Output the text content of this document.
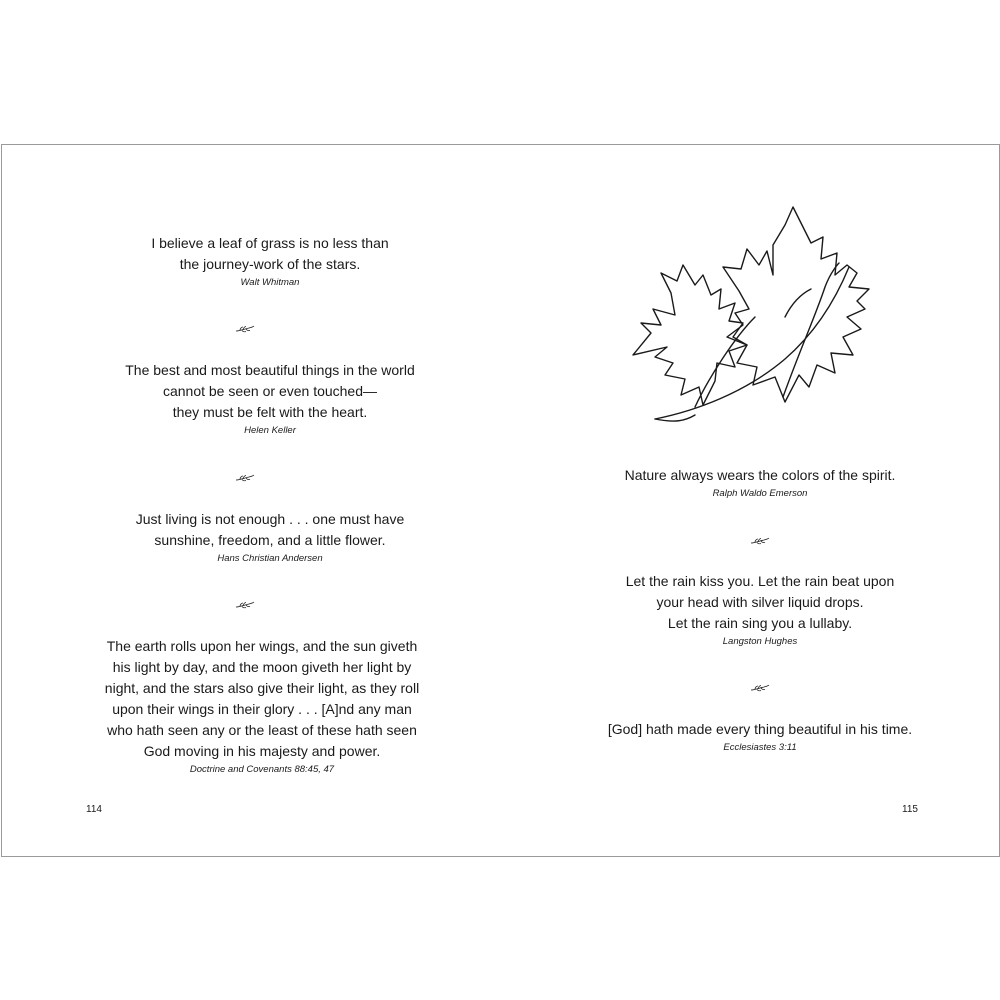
I believe a leaf of grass is no less than
the journey-work of the stars.
Walt Whitman
The best and most beautiful things in the world
cannot be seen or even touched—
they must be felt with the heart.
Helen Keller
Just living is not enough . . . one must have
sunshine, freedom, and a little flower.
Hans Christian Andersen
The earth rolls upon her wings, and the sun giveth
his light by day, and the moon giveth her light by
night, and the stars also give their light, as they roll
upon their wings in their glory . . . [A]nd any man
who hath seen any or the least of these hath seen
God moving in his majesty and power.
Doctrine and Covenants 88:45, 47
114
Nature always wears the colors of the spirit.
Ralph Waldo Emerson
Let the rain kiss you. Let the rain beat upon
your head with silver liquid drops.
Let the rain sing you a lullaby.
Langston Hughes
[God] hath made every thing beautiful in his time.
Ecclesiastes 3:11
115
